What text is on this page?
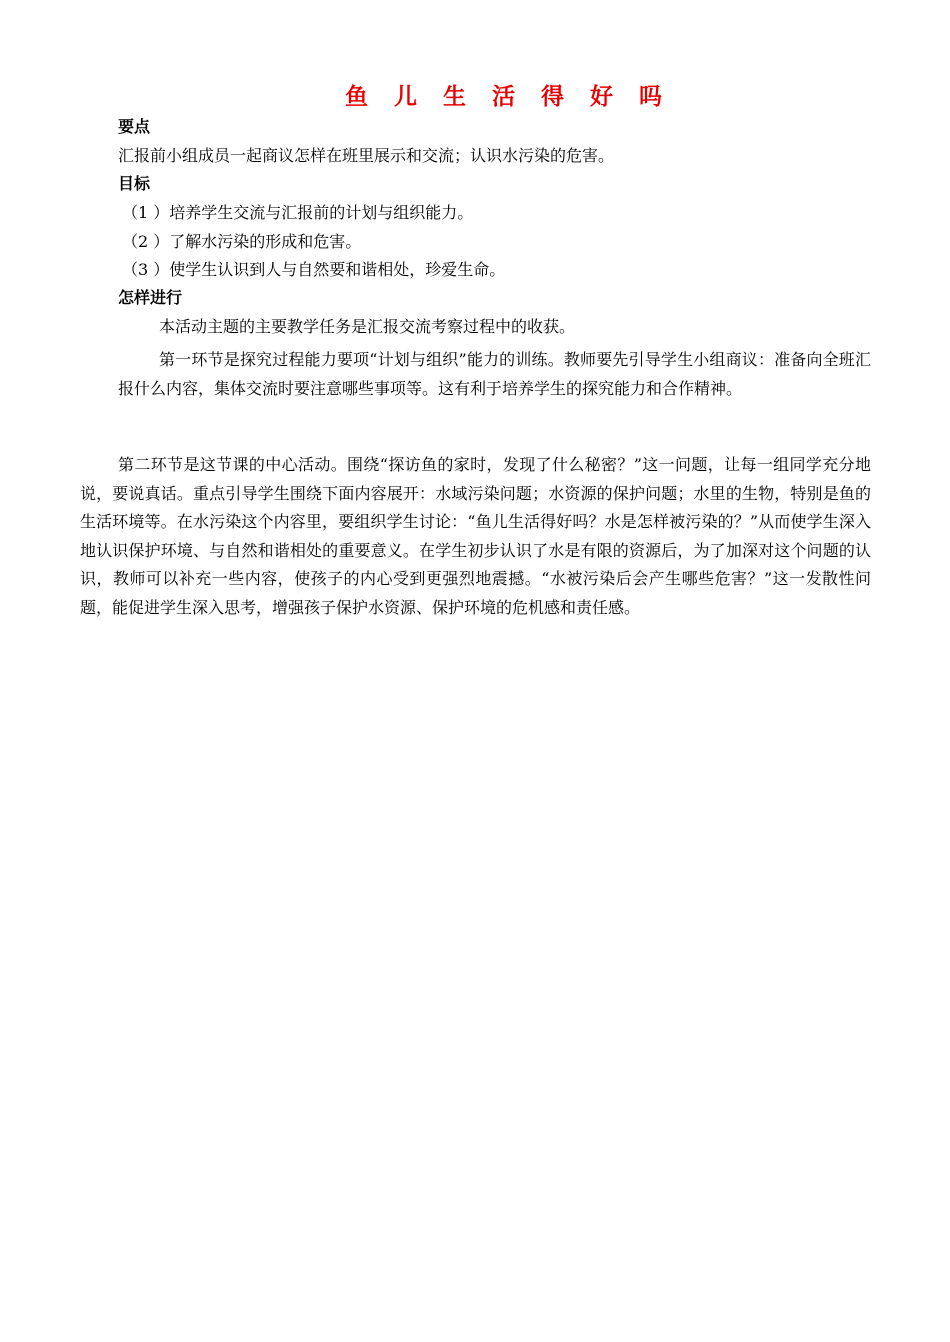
鱼 儿 生 活 得 好 吗
要点
汇报前小组成员一起商议怎样在班里展示和交流；认识水污染的危害。
目标
（1 ）培养学生交流与汇报前的计划与组织能力。
（2 ）了解水污染的形成和危害。
（3 ）使学生认识到人与自然要和谐相处，珍爱生命。
怎样进行
本活动主题的主要教学任务是汇报交流考察过程中的收获。
第一环节是探究过程能力要项“计划与组织”能力的训练。教师要先引导学生小组商议：准备向全班汇报什么内容，集体交流时要注意哪些事项等。这有利于培养学生的探究能力和合作精神。
第二环节是这节课的中心活动。围绕“探访鱼的家时，发现了什么秘密？”这一问题，让每一组同学充分地说，要说真话。重点引导学生围绕下面内容展开：水域污染问题；水资源的保护问题；水里的生物，特别是鱼的生活环境等。在水污染这个内容里，要组织学生讨论：“鱼儿生活得好吗？水是怎样被污染的？”从而使学生深入地认识保护环境、与自然和谐相处的重要意义。在学生初步认识了水是有限的资源后，为了加深对这个问题的认识，教师可以补充一些内容，使孩子的内心受到更强烈地震撼。“水被污染后会产生哪些危害？”这一发散性问题，能促进学生深入思考，增强孩子保护水资源、保护环境的危机感和责任感。
